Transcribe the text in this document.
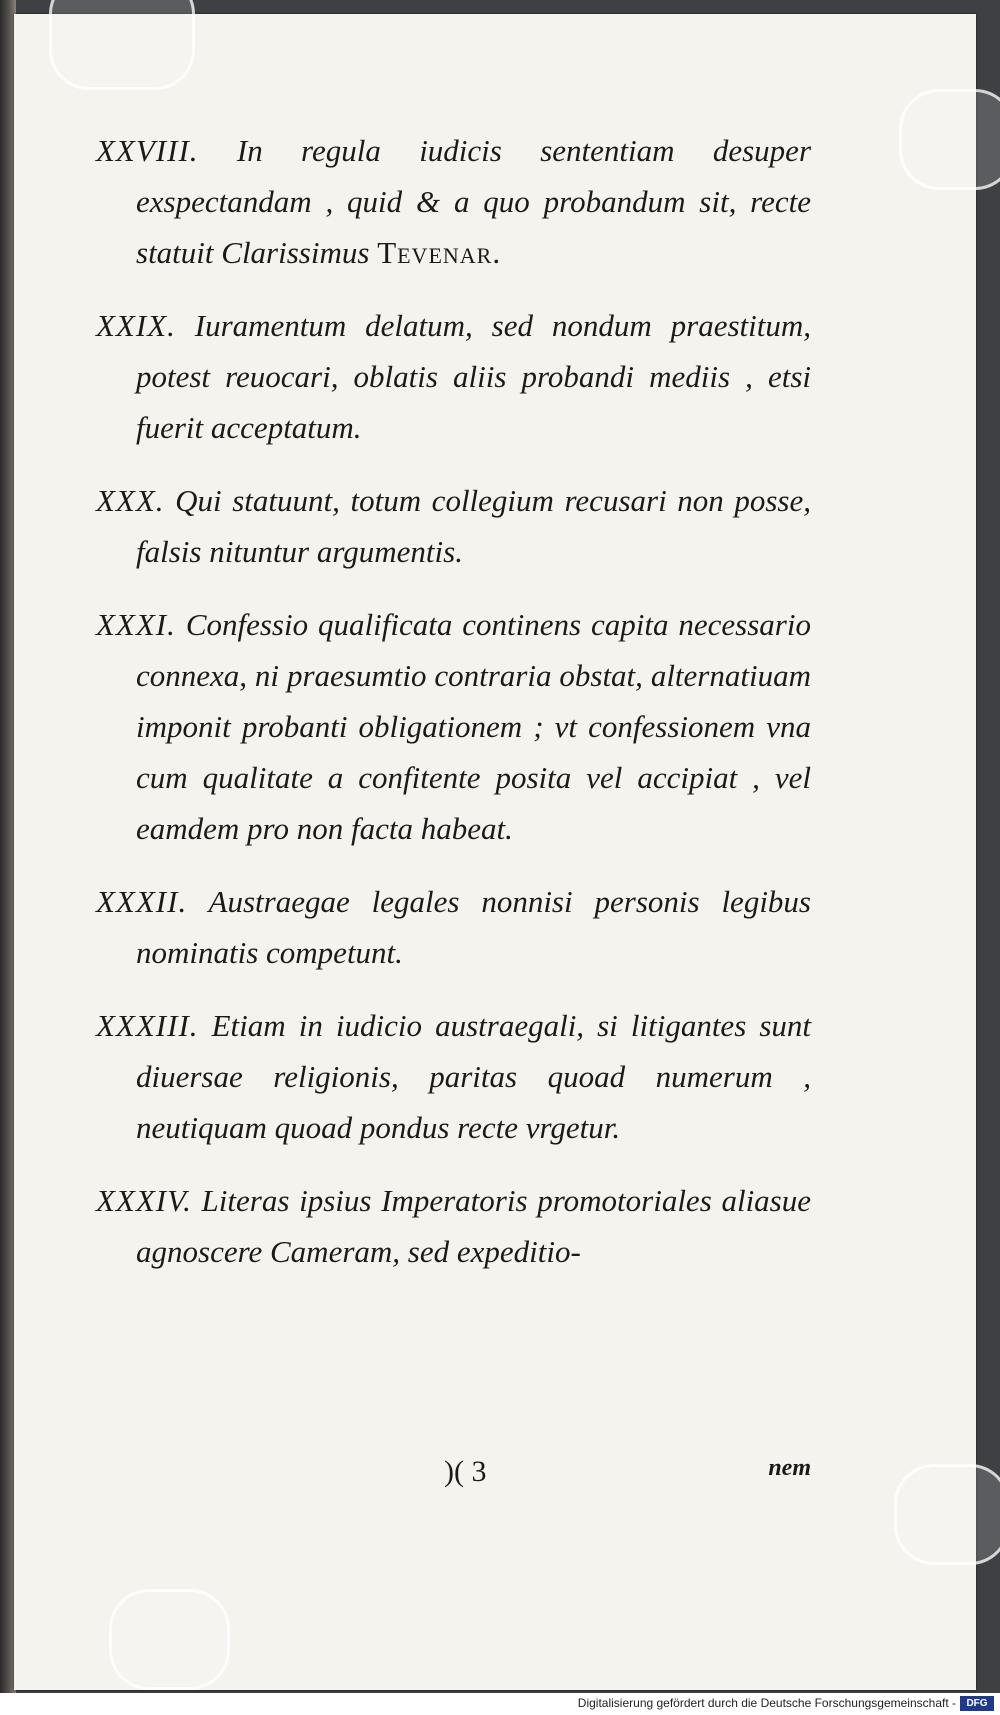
XXVIII. In regula iudicis sententiam desuper exspectandam , quid & a quo probandum sit, recte statuit Clarissimus Tevenar.
XXIX. Iuramentum delatum, sed nondum praestitum, potest reuocari, oblatis aliis probandi mediis , etsi fuerit acceptatum.
XXX. Qui statuunt, totum collegium recusari non posse, falsis nituntur argumentis.
XXXI. Confessio qualificata continens capita necessario connexa, ni praesumtio contraria obstat, alternatiuam imponit probanti obligationem ; vt confessionem vna cum qualitate a confitente posita vel accipiat , vel eamdem pro non facta habeat.
XXXII. Austraegae legales nonnisi personis legibus nominatis competunt.
XXXIII. Etiam in iudicio austraegali, si litigantes sunt diuersae religionis, paritas quoad numerum , neutiquam quoad pondus recte vrgetur.
XXXIV. Literas ipsius Imperatoris promotoriales aliasue agnoscere Cameram, sed expeditio-
)( 3	nem
Digitalisierung gefördert durch die Deutsche Forschungsgemeinschaft -	DFG
